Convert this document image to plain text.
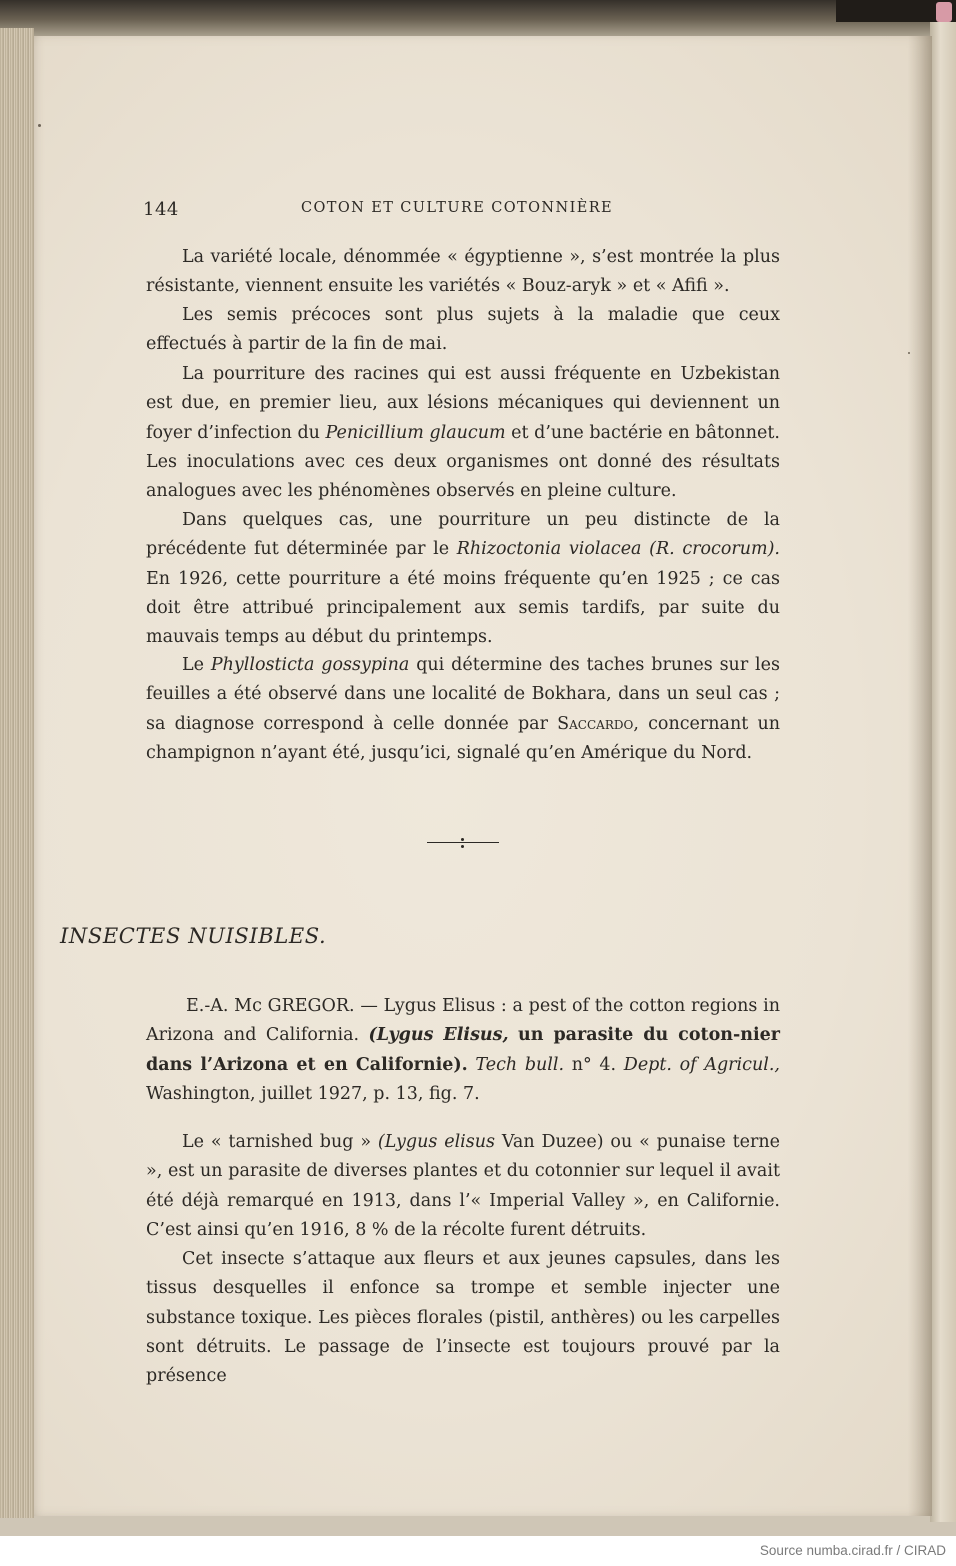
144	COTON ET CULTURE COTONNIÈRE

La variété locale, dénommée « égyptienne », s’est montrée la plus résistante, viennent ensuite les variétés « Bouz-aryk » et « Afifi ».

Les semis précoces sont plus sujets à la maladie que ceux effectués à partir de la fin de mai.

La pourriture des racines qui est aussi fréquente en Uzbekistan est due, en premier lieu, aux lésions mécaniques qui deviennent un foyer d’infection du Penicillium glaucum et d’une bactérie en bâtonnet. Les inoculations avec ces deux organismes ont donné des résultats analogues avec les phénomènes observés en pleine culture.

Dans quelques cas, une pourriture un peu distincte de la précédente fut déterminée par le Rhizoctonia violacea (R. crocorum). En 1926, cette pourriture a été moins fréquente qu’en 1925 ; ce cas doit être attribué principalement aux semis tardifs, par suite du mauvais temps au début du printemps.

Le Phyllosticta gossypina qui détermine des taches brunes sur les feuilles a été observé dans une localité de Bokhara, dans un seul cas ; sa diagnose correspond à celle donnée par Saccardo, concernant un champignon n’ayant été, jusqu’ici, signalé qu’en Amérique du Nord.

INSECTES NUISIBLES.

E.-A. Mc GREGOR. — Lygus Elisus : a pest of the cotton regions in Arizona and California. (Lygus Elisus, un parasite du coton-nier dans l’Arizona et en Californie). Tech bull. n° 4. Dept. of Agricul., Washington, juillet 1927, p. 13, fig. 7.

Le « tarnished bug » (Lygus elisus Van Duzee) ou « punaise terne », est un parasite de diverses plantes et du cotonnier sur lequel il avait été déjà remarqué en 1913, dans l’« Imperial Valley », en Californie. C’est ainsi qu’en 1916, 8 % de la récolte furent détruits.

Cet insecte s’attaque aux fleurs et aux jeunes capsules, dans les tissus desquelles il enfonce sa trompe et semble injecter une substance toxique. Les pièces florales (pistil, anthères) ou les carpelles sont détruits. Le passage de l’insecte est toujours prouvé par la présence

Source numba.cirad.fr / CIRAD
